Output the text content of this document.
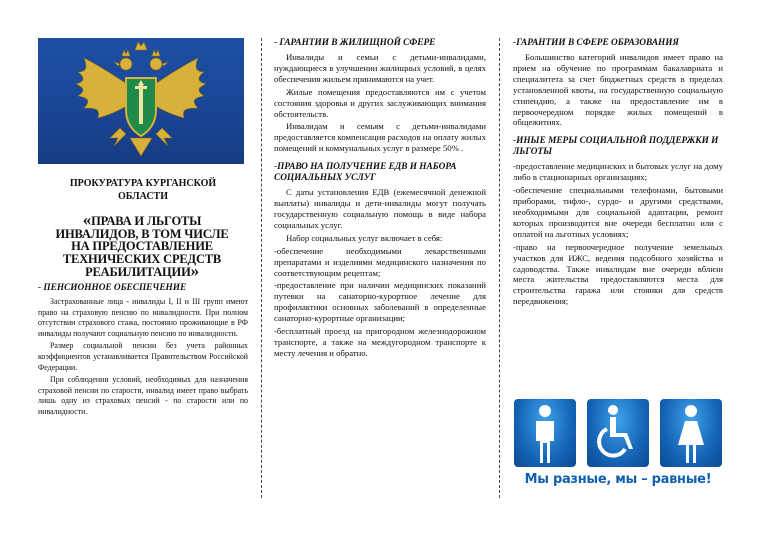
ПРОКУРАТУРА КУРГАНСКОЙ
ОБЛАСТИ
«ПРАВА И ЛЬГОТЫ
ИНВАЛИДОВ, В ТОМ ЧИСЛЕ
НА ПРЕДОСТАВЛЕНИЕ
ТЕХНИЧЕСКИХ СРЕДСТВ
РЕАБИЛИТАЦИИ»
- ПЕНСИОННОЕ ОБЕСПЕЧЕНИЕ
Застрахованные лица - инвалиды I, II и III групп имеют право на страховую пенсию по инвалидности. При полном отсутствии страхового стажа, постоянно проживающие в РФ инвалиды получают социальную пенсию по инвалидности.
Размер социальной пенсии без учета районных коэффициентов устанавливается Правительством Российской Федерации.
При соблюдении условий, необходимых для назначения страховой пенсии по старости, инвалид имеет право выбрать лишь одну из страховых пенсий - по старости или по инвалидности.
- ГАРАНТИИ В ЖИЛИЩНОЙ СФЕРЕ
Инвалиды и семьи с детьми-инвалидами, нуждающиеся в улучшении жилищных условий, в целях обеспечения жильем принимаются на учет.
Жилые помещения предоставляются им с учетом состояния здоровья и других заслуживающих внимания обстоятельств.
Инвалидам и семьям с детьми-инвалидами предоставляется компенсация расходов на оплату жилых помещений и коммунальных услуг в размере 50% .
-ПРАВО НА ПОЛУЧЕНИЕ ЕДВ И НАБОРА СОЦИАЛЬНЫХ УСЛУГ
С даты установления ЕДВ (ежемесячной денежной выплаты) инвалиды и дети-инвалиды могут получать государственную социальную помощь в виде набора социальных услуг.
Набор социальных услуг включает в себя:
-обеспечение необходимыми лекарственными препаратами и изделиями медицинского назначения по соответствующим рецептам;
-предоставление при наличии медицинских показаний путевки на санаторно-курортное лечение для профилактики основных заболеваний в определенные санаторно-курортные организации;
-бесплатный проезд на пригородном железнодорожном транспорте, а также на междугородном транспорте к месту лечения и обратно.
-ГАРАНТИИ В СФЕРЕ ОБРАЗОВАНИЯ
Большинство категорий инвалидов имеет право на прием на обучение по программам бакалавриата и специалитета за счет бюджетных средств в пределах установленной квоты, на государственную социальную стипендию, а также на предоставление им в первоочередном порядке жилых помещений в общежитиях.
-ИНЫЕ МЕРЫ СОЦИАЛЬНОЙ ПОДДЕРЖКИ И ЛЬГОТЫ
-предоставление медицинских и бытовых услуг на дому либо в стационарных организациях;
-обеспечение специальными телефонами, бытовыми приборами, тифло-, сурдо- и другими средствами, необходимыми для социальной адаптации, ремонт которых производится вне очереди бесплатно или с оплатой на льготных условиях;
-право на первоочередное получение земельных участков для ИЖС, ведения подсобного хозяйства и садоводства. Также инвалидам вне очереди вблизи места жительства предоставляются места для строительства гаража или стоянки для средств передвижения;
Мы разные, мы – равные!
